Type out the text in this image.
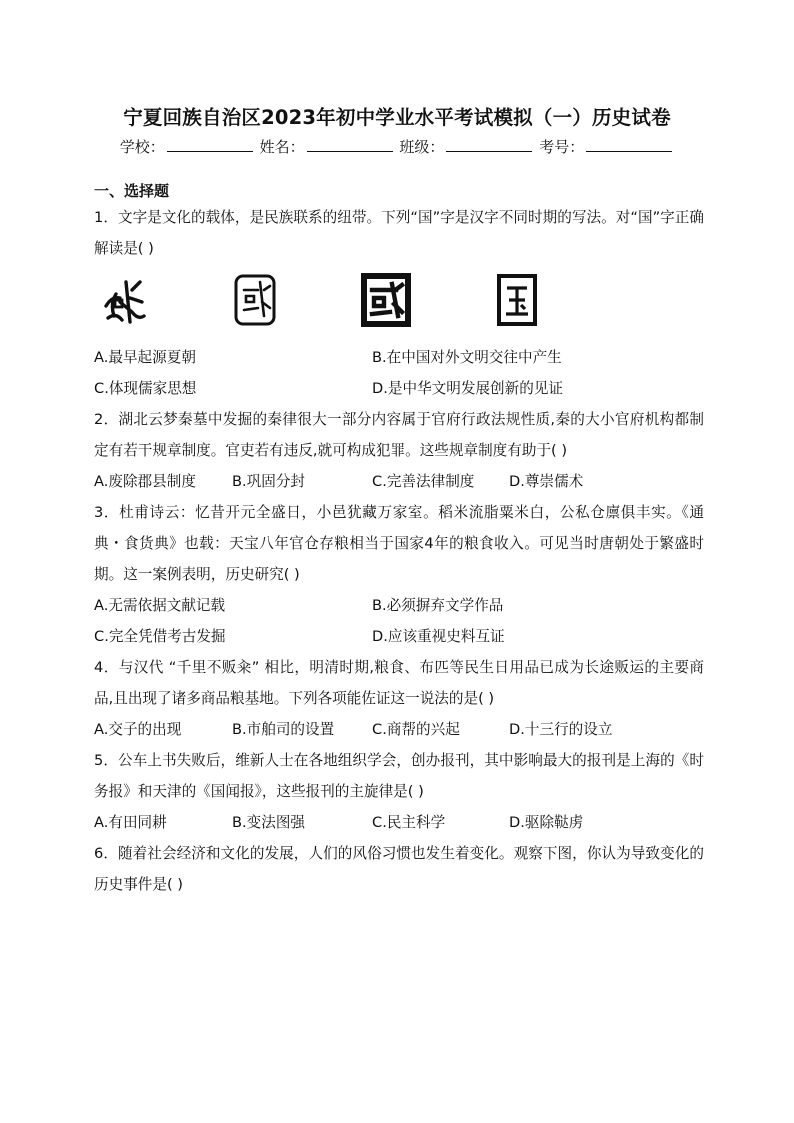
宁夏回族自治区2023年初中学业水平考试模拟（一）历史试卷
学校：	姓名：	班级：	考号：
一、选择题
1．文字是文化的载体，是民族联系的纽带。下列“国”字是汉字不同时期的写法。对“国”字正确解读是( )
A.最早起源夏朝	B.在中国对外文明交往中产生
C.体现儒家思想	D.是中华文明发展创新的见证
2．湖北云梦秦墓中发掘的秦律很大一部分内容属于官府行政法规性质,秦的大小官府机构都制定有若干规章制度。官吏若有违反,就可构成犯罪。这些规章制度有助于( )
A.废除郡县制度 B.巩固分封	C.完善法律制度 D.尊崇儒术
3．杜甫诗云：忆昔开元全盛日，小邑犹藏万家室。稻米流脂粟米白，公私仓廪俱丰实。《通典・食货典》也载：天宝八年官仓存粮相当于国家4年的粮食收入。可见当时唐朝处于繁盛时期。这一案例表明，历史研究( )
A.无需依据文献记载	B.必须摒弃文学作品
C.完全凭借考古发掘	D.应该重视史料互证
4．与汉代 “千里不贩籴” 相比，明清时期,粮食、布匹等民生日用品已成为长途贩运的主要商品,且出现了诸多商品粮基地。下列各项能佐证这一说法的是( )
A.交子的出现	B.市舶司的设置	C.商帮的兴起	D.十三行的设立
5．公车上书失败后，维新人士在各地组织学会，创办报刊，其中影响最大的报刊是上海的《时务报》和天津的《国闻报》，这些报刊的主旋律是( )
A.有田同耕	B.变法图强	C.民主科学	D.驱除鞑虏
6．随着社会经济和文化的发展，人们的风俗习惯也发生着变化。观察下图，你认为导致变化的历史事件是( )
